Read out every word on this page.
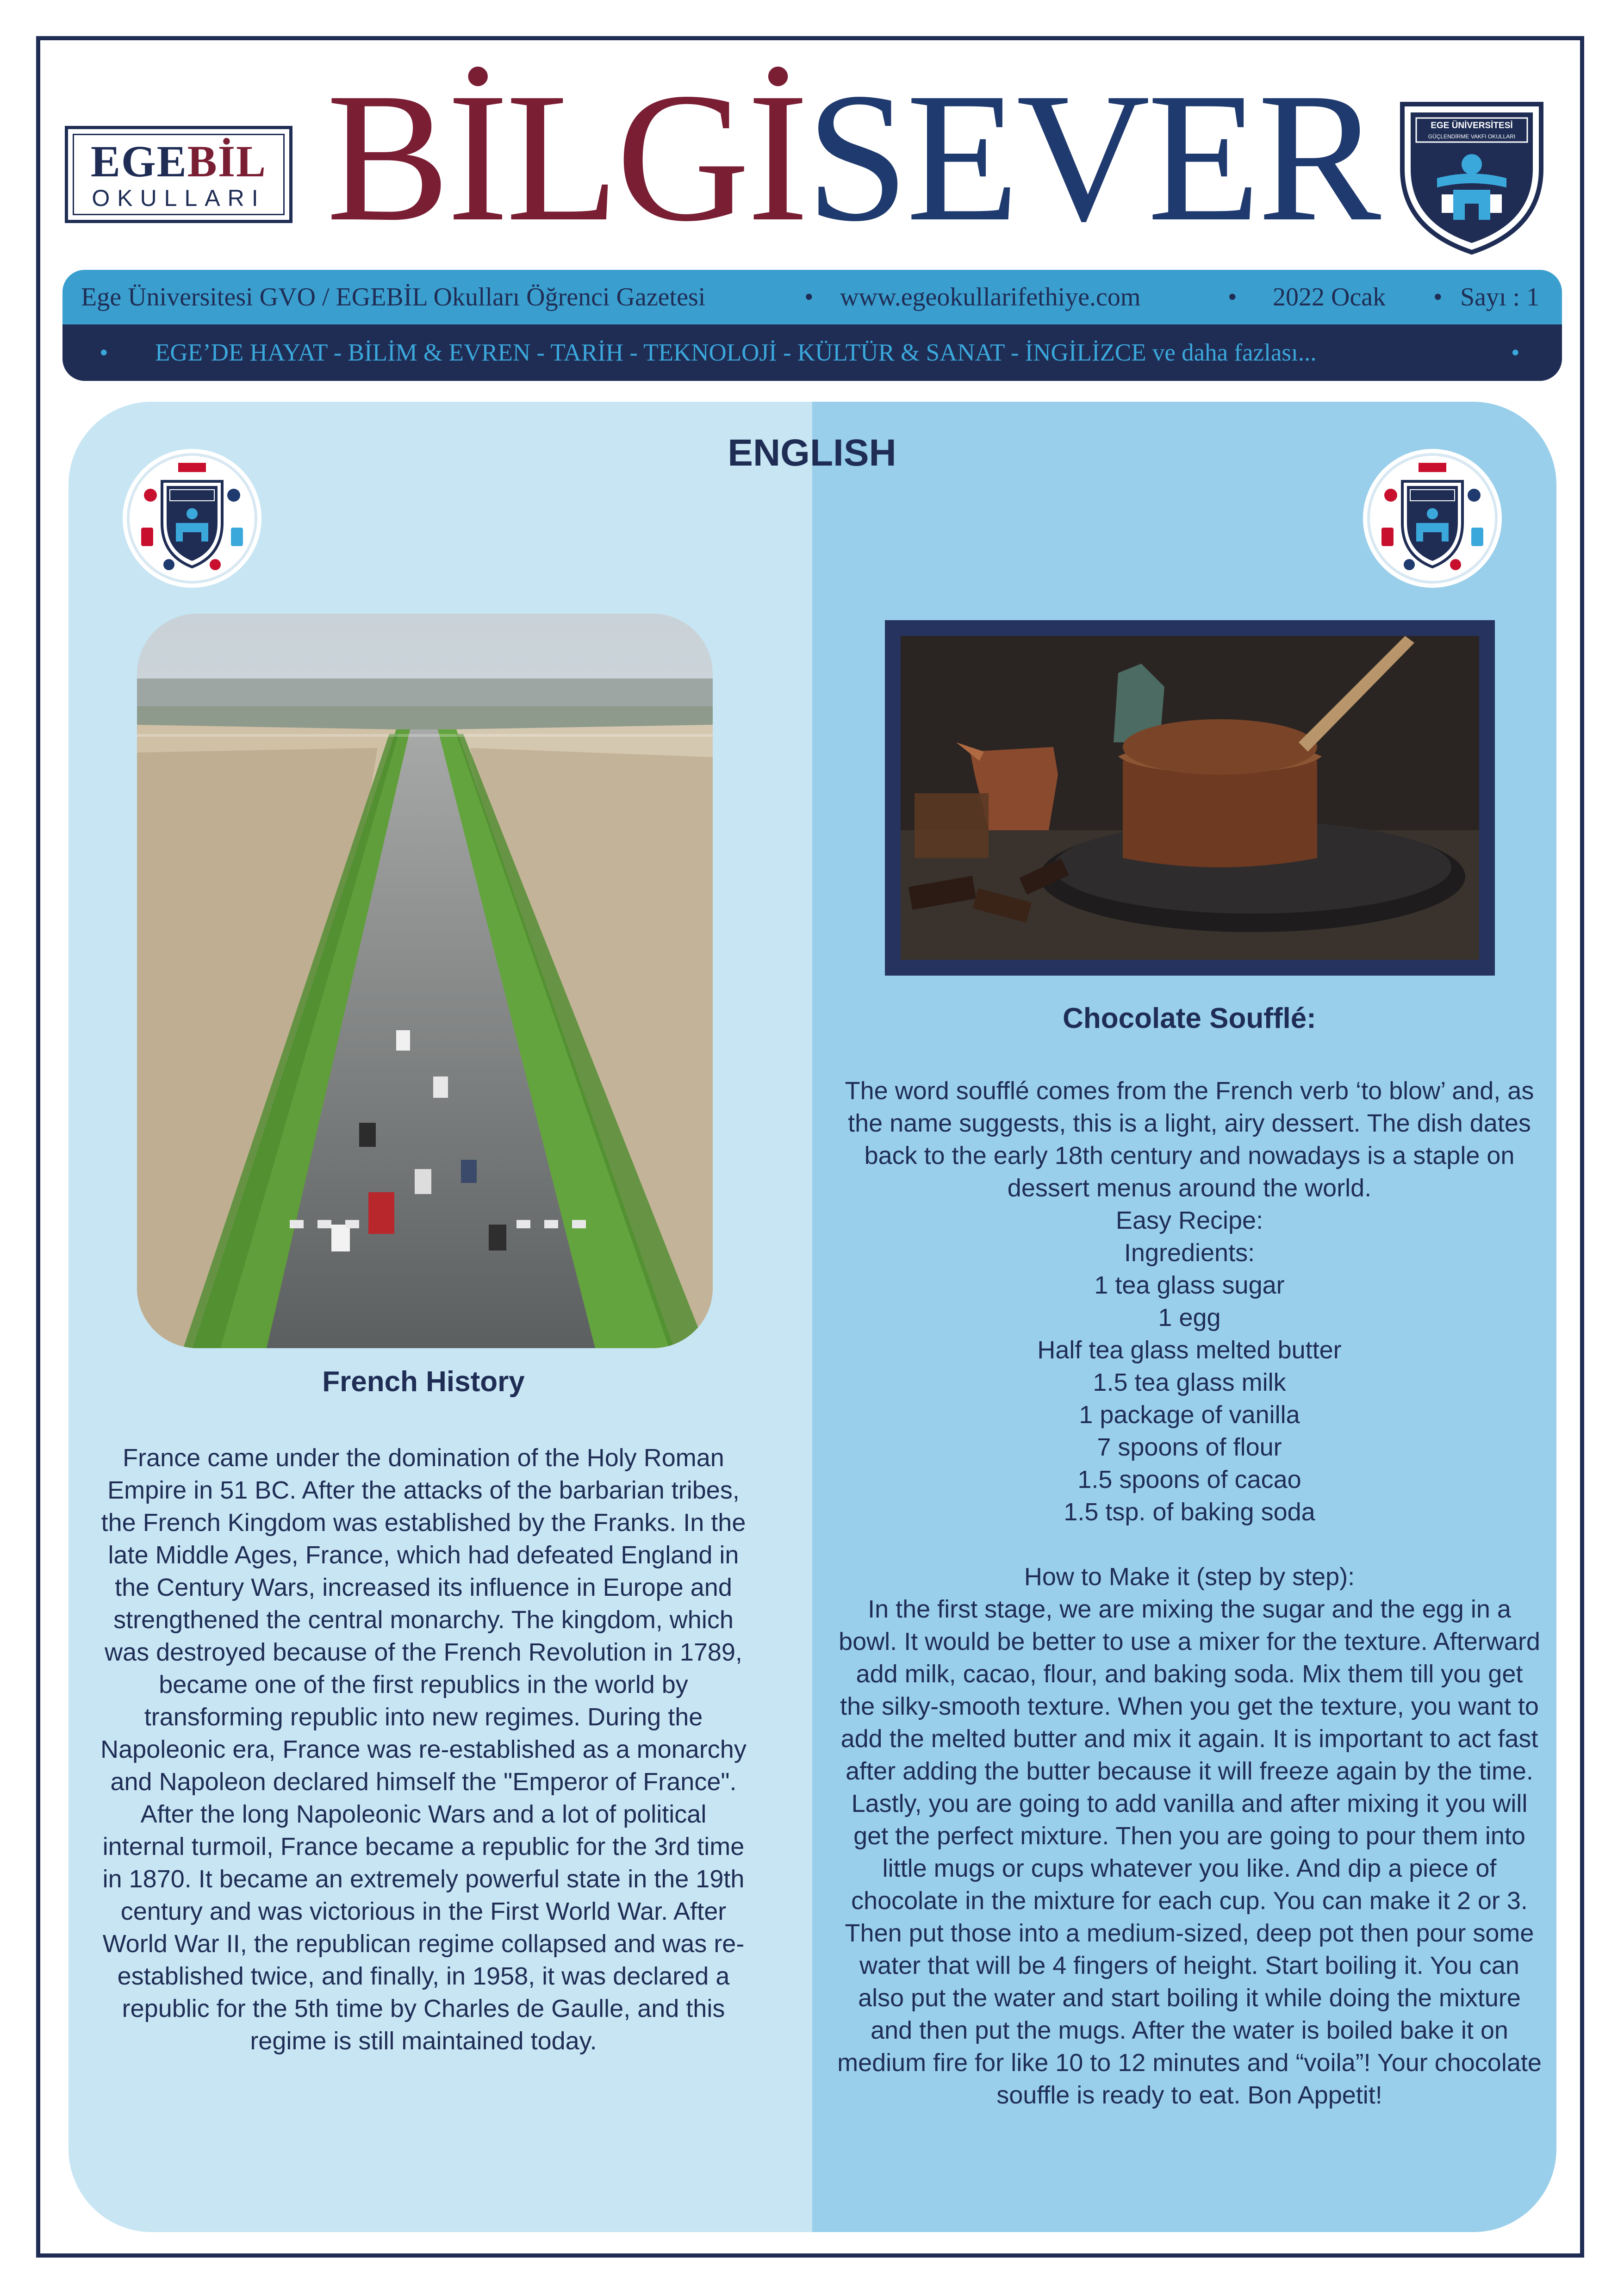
EGEBİL
OKULLARI BİLGİSEVER	EGE ÜNİVERSİTESİ
GÜÇLENDİRME VAKFI OKULLARI
Ege Üniversitesi GVO / EGEBİL Okulları Öğrenci Gazetesi	• www.egeokullarifethiye.com	• 2022 Ocak • Sayı : 1
• EGE’DE HAYAT - BİLİM & EVREN - TARİH - TEKNOLOJİ - KÜLTÜR & SANAT - İNGİLİZCE ve daha fazlası...	•
ENGLISH
French History

France came under the domination of the Holy Roman Empire in 51 BC. After the attacks of the barbarian tribes, the French Kingdom was established by the Franks. In the late Middle Ages, France, which had defeated England in the Century Wars, increased its influence in Europe and strengthened the central monarchy. The kingdom, which was destroyed because of the French Revolution in 1789, became one of the first republics in the world by transforming republic into new regimes. During the Napoleonic era, France was re-established as a monarchy and Napoleon declared himself the "Emperor of France". After the long Napoleonic Wars and a lot of political internal turmoil, France became a republic for the 3rd time in 1870. It became an extremely powerful state in the 19th century and was victorious in the First World War. After World War II, the republican regime collapsed and was re-established twice, and finally, in 1958, it was declared a republic for the 5th time by Charles de Gaulle, and this regime is still maintained today.

Chocolate Soufflé:

The word soufflé comes from the French verb ‘to blow’ and, as the name suggests, this is a light, airy dessert. The dish dates back to the early 18th century and nowadays is a staple on dessert menus around the world.

Easy Recipe:

Ingredients:

1 tea glass sugar

1 egg

Half tea glass melted butter

1.5 tea glass milk

1 package of vanilla

7 spoons of flour

1.5 spoons of cacao

1.5 tsp. of baking soda

How to Make it (step by step):

In the first stage, we are mixing the sugar and the egg in a bowl. It would be better to use a mixer for the texture. Afterward add milk, cacao, flour, and baking soda. Mix them till you get the silky-smooth texture. When you get the texture, you want to add the melted butter and mix it again. It is important to act fast after adding the butter because it will freeze again by the time. Lastly, you are going to add vanilla and after mixing it you will get the perfect mixture. Then you are going to pour them into little mugs or cups whatever you like. And dip a piece of chocolate in the mixture for each cup. You can make it 2 or 3. Then put those into a medium-sized, deep pot then pour some water that will be 4 fingers of height. Start boiling it. You can also put the water and start boiling it while doing the mixture and then put the mugs. After the water is boiled bake it on medium fire for like 10 to 12 minutes and “voila”! Your chocolate souffle is ready to eat. Bon Appetit!
